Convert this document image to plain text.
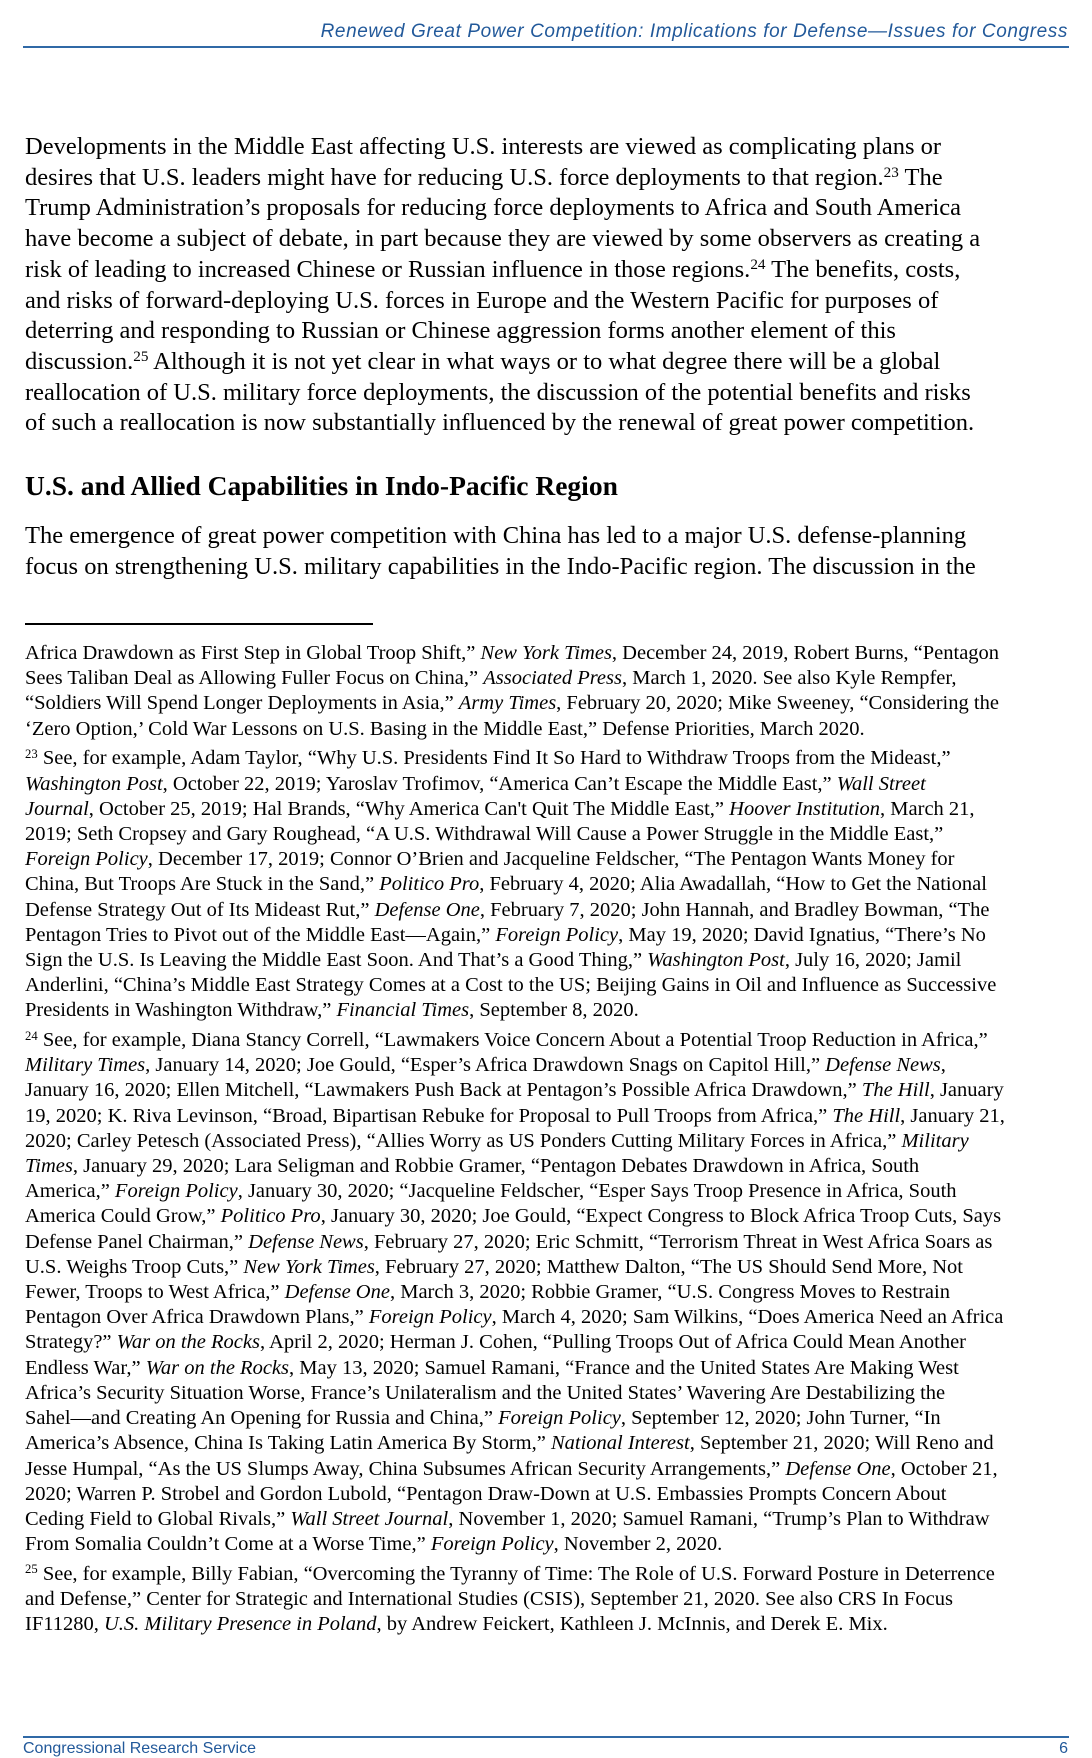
Renewed Great Power Competition: Implications for Defense—Issues for Congress
Developments in the Middle East affecting U.S. interests are viewed as complicating plans or
desires that U.S. leaders might have for reducing U.S. force deployments to that region.$^{23}$ The
Trump Administration’s proposals for reducing force deployments to Africa and South America
have become a subject of debate, in part because they are viewed by some observers as creating a
risk of leading to increased Chinese or Russian influence in those regions.$^{24}$ The benefits, costs,
and risks of forward-deploying U.S. forces in Europe and the Western Pacific for purposes of
deterring and responding to Russian or Chinese aggression forms another element of this
discussion.$^{25}$ Although it is not yet clear in what ways or to what degree there will be a global
reallocation of U.S. military force deployments, the discussion of the potential benefits and risks
of such a reallocation is now substantially influenced by the renewal of great power competition.
U.S. and Allied Capabilities in Indo-Pacific Region
The emergence of great power competition with China has led to a major U.S. defense-planning
focus on strengthening U.S. military capabilities in the Indo-Pacific region. The discussion in the
Africa Drawdown as First Step in Global Troop Shift,” New York Times, December 24, 2019, Robert Burns, “Pentagon
Sees Taliban Deal as Allowing Fuller Focus on China,” Associated Press, March 1, 2020. See also Kyle Rempfer,
“Soldiers Will Spend Longer Deployments in Asia,” Army Times, February 20, 2020; Mike Sweeney, “Considering the
‘Zero Option,’ Cold War Lessons on U.S. Basing in the Middle East,” Defense Priorities, March 2020.
$^{23}$ See, for example, Adam Taylor, “Why U.S. Presidents Find It So Hard to Withdraw Troops from the Mideast,”
Washington Post, October 22, 2019; Yaroslav Trofimov, “America Can’t Escape the Middle East,” Wall Street
Journal, October 25, 2019; Hal Brands, “Why America Can't Quit The Middle East,” Hoover Institution, March 21,
2019; Seth Cropsey and Gary Roughead, “A U.S. Withdrawal Will Cause a Power Struggle in the Middle East,”
Foreign Policy, December 17, 2019; Connor O’Brien and Jacqueline Feldscher, “The Pentagon Wants Money for
China, But Troops Are Stuck in the Sand,” Politico Pro, February 4, 2020; Alia Awadallah, “How to Get the National
Defense Strategy Out of Its Mideast Rut,” Defense One, February 7, 2020; John Hannah, and Bradley Bowman, “The
Pentagon Tries to Pivot out of the Middle East—Again,” Foreign Policy, May 19, 2020; David Ignatius, “There’s No
Sign the U.S. Is Leaving the Middle East Soon. And That’s a Good Thing,” Washington Post, July 16, 2020; Jamil
Anderlini, “China’s Middle East Strategy Comes at a Cost to the US; Beijing Gains in Oil and Influence as Successive
Presidents in Washington Withdraw,” Financial Times, September 8, 2020.
$^{24}$ See, for example, Diana Stancy Correll, “Lawmakers Voice Concern About a Potential Troop Reduction in Africa,”
Military Times, January 14, 2020; Joe Gould, “Esper’s Africa Drawdown Snags on Capitol Hill,” Defense News,
January 16, 2020; Ellen Mitchell, “Lawmakers Push Back at Pentagon’s Possible Africa Drawdown,” The Hill, January
19, 2020; K. Riva Levinson, “Broad, Bipartisan Rebuke for Proposal to Pull Troops from Africa,” The Hill, January 21,
2020; Carley Petesch (Associated Press), “Allies Worry as US Ponders Cutting Military Forces in Africa,” Military
Times, January 29, 2020; Lara Seligman and Robbie Gramer, “Pentagon Debates Drawdown in Africa, South
America,” Foreign Policy, January 30, 2020; “Jacqueline Feldscher, “Esper Says Troop Presence in Africa, South
America Could Grow,” Politico Pro, January 30, 2020; Joe Gould, “Expect Congress to Block Africa Troop Cuts, Says
Defense Panel Chairman,” Defense News, February 27, 2020; Eric Schmitt, “Terrorism Threat in West Africa Soars as
U.S. Weighs Troop Cuts,” New York Times, February 27, 2020; Matthew Dalton, “The US Should Send More, Not
Fewer, Troops to West Africa,” Defense One, March 3, 2020; Robbie Gramer, “U.S. Congress Moves to Restrain
Pentagon Over Africa Drawdown Plans,” Foreign Policy, March 4, 2020; Sam Wilkins, “Does America Need an Africa
Strategy?” War on the Rocks, April 2, 2020; Herman J. Cohen, “Pulling Troops Out of Africa Could Mean Another
Endless War,” War on the Rocks, May 13, 2020; Samuel Ramani, “France and the United States Are Making West
Africa’s Security Situation Worse, France’s Unilateralism and the United States’ Wavering Are Destabilizing the
Sahel—and Creating An Opening for Russia and China,” Foreign Policy, September 12, 2020; John Turner, “In
America’s Absence, China Is Taking Latin America By Storm,” National Interest, September 21, 2020; Will Reno and
Jesse Humpal, “As the US Slumps Away, China Subsumes African Security Arrangements,” Defense One, October 21,
2020; Warren P. Strobel and Gordon Lubold, “Pentagon Draw-Down at U.S. Embassies Prompts Concern About
Ceding Field to Global Rivals,” Wall Street Journal, November 1, 2020; Samuel Ramani, “Trump’s Plan to Withdraw
From Somalia Couldn’t Come at a Worse Time,” Foreign Policy, November 2, 2020.
$^{25}$ See, for example, Billy Fabian, “Overcoming the Tyranny of Time: The Role of U.S. Forward Posture in Deterrence
and Defense,” Center for Strategic and International Studies (CSIS), September 21, 2020. See also CRS In Focus
IF11280, U.S. Military Presence in Poland, by Andrew Feickert, Kathleen J. McInnis, and Derek E. Mix.
Congressional Research Service	6
